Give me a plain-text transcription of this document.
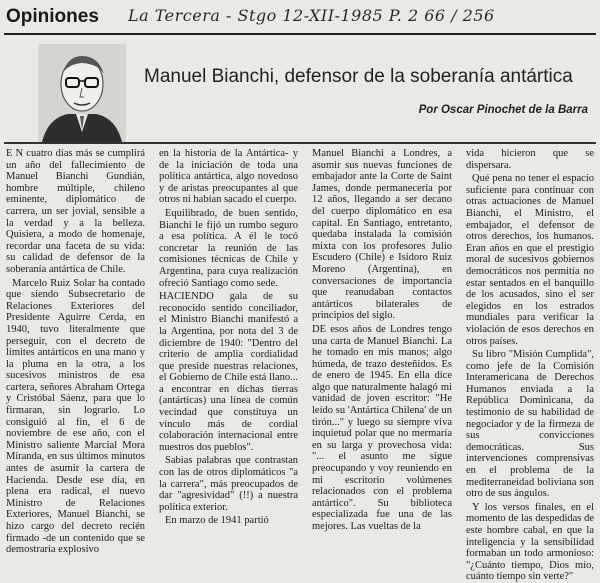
Opiniones La Tercera - Stgo 12-XII-1985 P. 2 66 / 256
Manuel Bianchi, defensor de la soberanía antártica
Por Oscar Pinochet de la Barra

E N cuatro días más se cumplirá un año del fallecimiento de Manuel Bianchi Gundián, hombre múltiple, chileno eminente, diplomático de carrera, un ser jovial, sensible a la verdad y a la belleza. Quisiera, a modo de homenaje, recordar una faceta de su vida: su calidad de defensor de la soberanía antártica de Chile.

Marcelo Ruiz Solar ha contado que siendo Subsecretario de Relaciones Exteriores del Presidente Aguirre Cerda, en 1940, tuvo literalmente que perseguir, con el decreto de límites antárticos en una mano y la pluma en la otra, a los sucesivos ministros de esa cartera, señores Abraham Ortega y Cristóbal Sáenz, para que lo firmaran, sin lograrlo. Lo consiguió al fin, el 6 de noviembre de ese año, con el Ministro saliente Marcial Mora Miranda, en sus últimos minutos antes de asumir la cartera de Hacienda. Desde ese día, en plena era radical, el nuevo Ministro de Relaciones Exteriores, Manuel Bianchi, se hizo cargo del decreto recién firmado -de un contenido que se demostraría explosivo

en la historia de la Antártica- y de la iniciación de toda una política antártica, algo novedoso y de aristas preocupantes al que otros ni habían sacado el cuerpo.

Equilibrado, de buen sentido, Bianchi le fijó un rumbo seguro a esa política. A él le tocó concretar la reunión de las comisiones técnicas de Chile y Argentina, para cuya realización ofreció Santiago como sede.

HACIENDO gala de su reconocido sentido conciliador, el Ministro Bianchi manifestó a la Argentina, por nota del 3 de diciembre de 1940: "Dentro del criterio de amplia cordialidad que preside nuestras relaciones, el Gobierno de Chile está llano... a encontrar en dichas tierras (antárticas) una línea de común vecindad que constituya un vínculo más de cordial colaboración internacional entre nuestros dos pueblos".

Sabias palabras que contrastan con las de otros diplomáticos "a la carrera", más preocupados de dar "agresividad" (!!) a nuestra política exterior.

En marzo de 1941 partió

Manuel Bianchi a Londres, a asumir sus nuevas funciones de embajador ante la Corte de Saint James, donde permanecería por 12 años, llegando a ser decano del cuerpo diplomático en esa capital. En Santiago, entretanto, quedaba instalada la comisión mixta con los profesores Julio Escudero (Chile) e Isidoro Ruiz Moreno (Argentina), en conversaciones de importancia que reanudaban contactos antárticos bilaterales de principios del siglo.

DE esos años de Londres tengo una carta de Manuel Bianchi. La he tomado en mis manos; algo húmeda, de trazo desteñidos. Es de enero de 1945. En ella dice algo que naturalmente halagó mi vanidad de joven escritor: "He leído su 'Antártica Chilena' de un tirón..." y luego su siempre viva inquietud polar que no mermaría en su larga y provechosa vida: "... el asunto me sigue preocupando y voy reuniendo en mi escritorio volúmenes relacionados con el problema antártico". Su biblioteca especializada fue una de las mejores. Las vueltas de la

vida hicieron que se dispersara.

Qué pena no tener el espacio suficiente para continuar con otras actuaciones de Manuel Bianchi, el Ministro, el embajador, el defensor de otros derechos, los humanos. Eran años en que el prestigio moral de sucesivos gobiernos democráticos nos permitía no estar sentados en el banquillo de los acusados, sino el ser elegidos en los estrados mundiales para verificar la violación de esos derechos en otros países.

Su libro "Misión Cumplida", como jefe de la Comisión Interamericana de Derechos Humanos enviada a la República Dominicana, da testimonio de su habilidad de negociador y de la firmeza de sus convicciones democráticas. Sus intervenciones comprensivas en el problema de la mediterraneidad boliviana son otro de sus ángulos.

Y los versos finales, en el momento de las despedidas de este hombre cabal, en que la inteligencia y la sensibilidad formaban un todo armonioso: "¿Cuánto tiempo, Dios mío, cuánto tiempo sin verte?"
